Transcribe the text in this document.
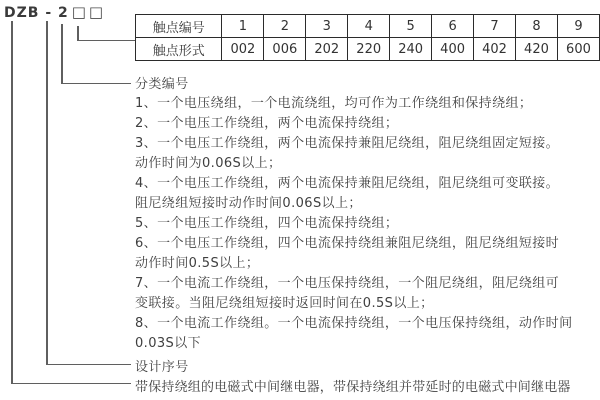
DZB - 2 □□
触点编号	1	2	3	4	5	6	7	8	9
触点形式	002	006	202	220	240	400	402	420	600
分类编号
1、一个电压绕组，一个电流绕组，均可作为工作绕组和保持绕组；
2、一个电压工作绕组，两个电流保持绕组；
3、一个电压工作绕组，两个电流保持兼阻尼绕组，阻尼绕组固定短接。
动作时间为0.06S以上；
4、一个电压工作绕组，两个电流保持兼阻尼绕组，阻尼绕组可变联接。
阻尼绕组短接时动作时间0.06S以上；
5、一个电压工作绕组，四个电流保持绕组；
6、一个电压工作绕组，四个电流保持绕组兼阻尼绕组，阻尼绕组短接时
动作时间0.5S以上；
7、一个电流工作绕组，一个电压保持绕组，一个阻尼绕组，阻尼绕组可
变联接。当阻尼绕组短接时返回时间在0.5S以上；
8、一个电流工作绕组。一个电流保持绕组，一个电压保持绕组，动作时间
0.03S以下
设计序号
带保持绕组的电磁式中间继电器，带保持绕组并带延时的电磁式中间继电器
